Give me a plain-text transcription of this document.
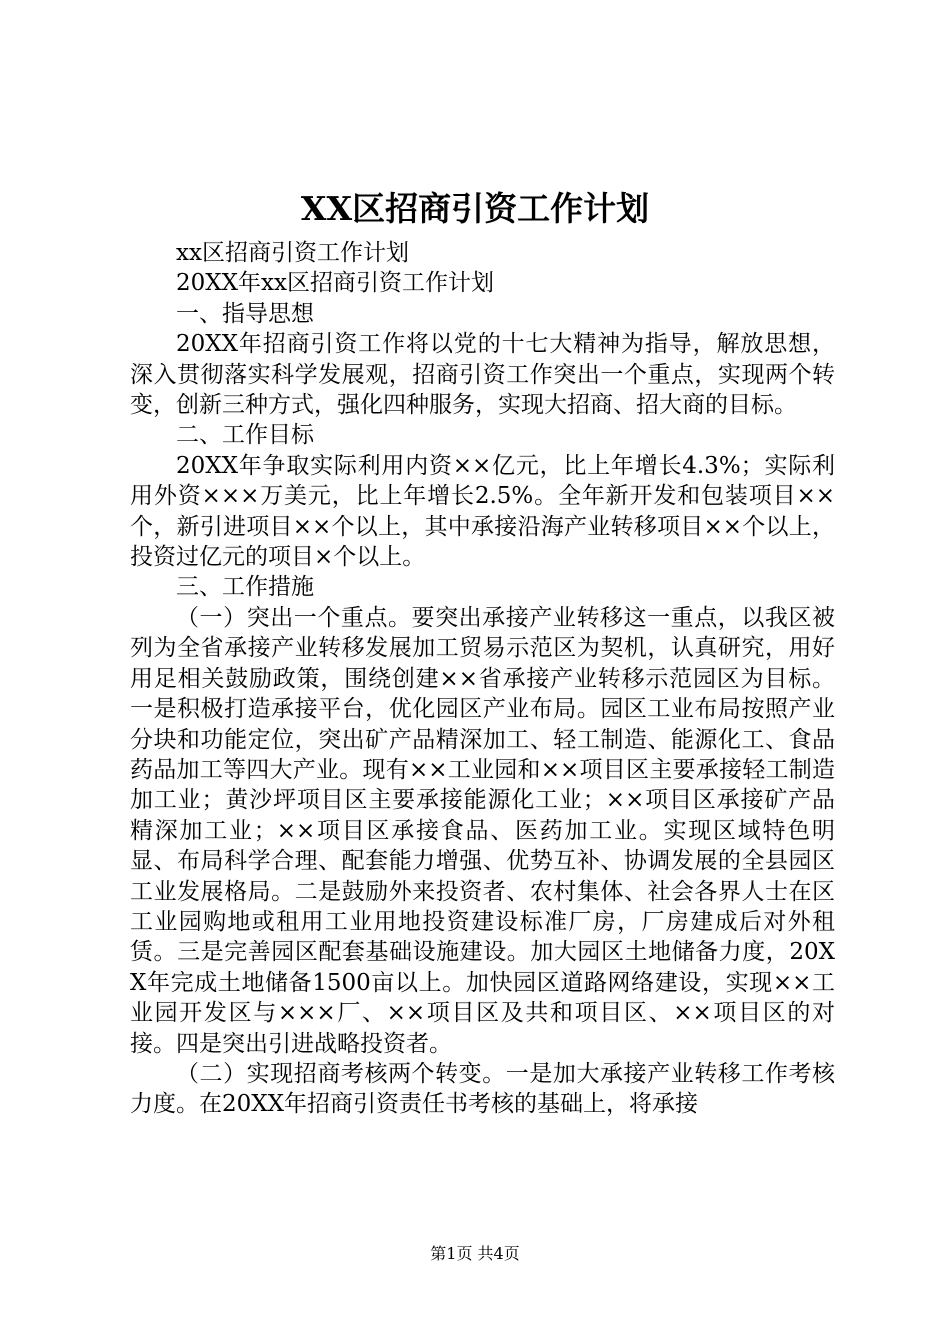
XX区招商引资工作计划

xx区招商引资工作计划

20XX年xx区招商引资工作计划

一、指导思想

20XX年招商引资工作将以党的十七大精神为指导，解放思想，深入贯彻落实科学发展观，招商引资工作突出一个重点，实现两个转变，创新三种方式，强化四种服务，实现大招商、招大商的目标。

二、工作目标

20XX年争取实际利用内资××亿元，比上年增长4.3%；实际利用外资×××万美元，比上年增长2.5%。全年新开发和包装项目××个，新引进项目××个以上，其中承接沿海产业转移项目××个以上，投资过亿元的项目×个以上。

三、工作措施

（一）突出一个重点。要突出承接产业转移这一重点，以我区被列为全省承接产业转移发展加工贸易示范区为契机，认真研究，用好用足相关鼓励政策，围绕创建××省承接产业转移示范园区为目标。一是积极打造承接平台，优化园区产业布局。园区工业布局按照产业分块和功能定位，突出矿产品精深加工、轻工制造、能源化工、食品药品加工等四大产业。现有××工业园和××项目区主要承接轻工制造加工业；黄沙坪项目区主要承接能源化工业；××项目区承接矿产品精深加工业；××项目区承接食品、医药加工业。实现区域特色明显、布局科学合理、配套能力增强、优势互补、协调发展的全县园区工业发展格局。二是鼓励外来投资者、农村集体、社会各界人士在区工业园购地或租用工业用地投资建设标准厂房，厂房建成后对外租赁。三是完善园区配套基础设施建设。加大园区土地储备力度，20XX年完成土地储备1500亩以上。加快园区道路网络建设，实现××工业园开发区与×××厂、××项目区及共和项目区、××项目区的对接。四是突出引进战略投资者。

（二）实现招商考核两个转变。一是加大承接产业转移工作考核力度。在20XX年招商引资责任书考核的基础上，将承接

第1页 共4页
